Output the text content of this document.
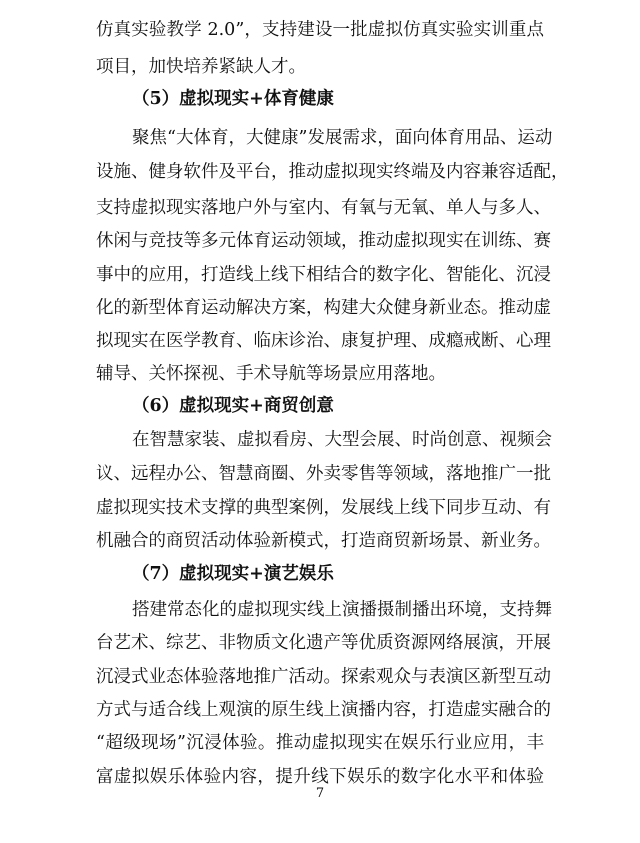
仿真实验教学 2.0”，支持建设一批虚拟仿真实验实训重点
项目，加快培养紧缺人才。
（5）虚拟现实+体育健康
聚焦“大体育，大健康”发展需求，面向体育用品、运动
设施、健身软件及平台，推动虚拟现实终端及内容兼容适配，
支持虚拟现实落地户外与室内、有氧与无氧、单人与多人、
休闲与竞技等多元体育运动领域，推动虚拟现实在训练、赛
事中的应用，打造线上线下相结合的数字化、智能化、沉浸
化的新型体育运动解决方案，构建大众健身新业态。推动虚
拟现实在医学教育、临床诊治、康复护理、成瘾戒断、心理
辅导、关怀探视、手术导航等场景应用落地。
（6）虚拟现实+商贸创意
在智慧家装、虚拟看房、大型会展、时尚创意、视频会
议、远程办公、智慧商圈、外卖零售等领域，落地推广一批
虚拟现实技术支撑的典型案例，发展线上线下同步互动、有
机融合的商贸活动体验新模式，打造商贸新场景、新业务。
（7）虚拟现实+演艺娱乐
搭建常态化的虚拟现实线上演播摄制播出环境，支持舞
台艺术、综艺、非物质文化遗产等优质资源网络展演，开展
沉浸式业态体验落地推广活动。探索观众与表演区新型互动
方式与适合线上观演的原生线上演播内容，打造虚实融合的
“超级现场”沉浸体验。推动虚拟现实在娱乐行业应用，丰
富虚拟娱乐体验内容，提升线下娱乐的数字化水平和体验
7
